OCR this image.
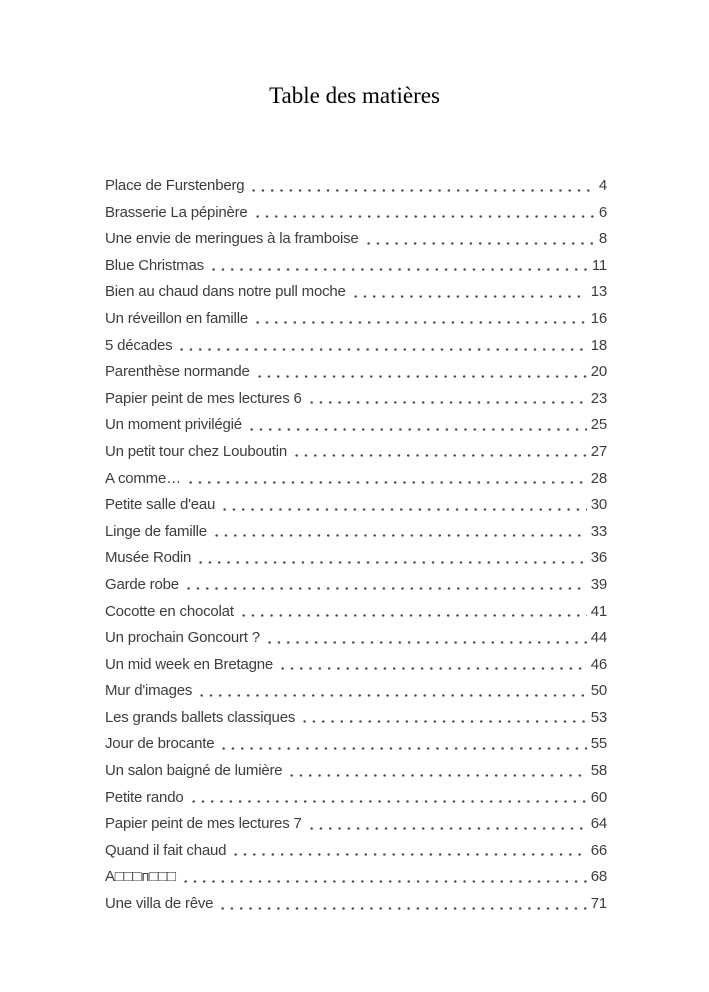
Table des matières
Place de Furstenberg	4
Brasserie La pépinère	6
Une envie de meringues à la framboise	8
Blue Christmas	11
Bien au chaud dans notre pull moche	13
Un réveillon en famille	16
5 décades	18
Parenthèse normande	20
Papier peint de mes lectures 6	23
Un moment privilégié	25
Un petit tour chez Louboutin	27
A comme…	28
Petite salle d'eau	30
Linge de famille	33
Musée Rodin	36
Garde robe	39
Cocotte en chocolat	41
Un prochain Goncourt ?	44
Un mid week en Bretagne	46
Mur d'images	50
Les grands ballets classiques	53
Jour de brocante	55
Un salon baigné de lumière	58
Petite rando	60
Papier peint de mes lectures 7	64
Quand il fait chaud	66
A□□□п□□□	68
Une villa de rêve	71
